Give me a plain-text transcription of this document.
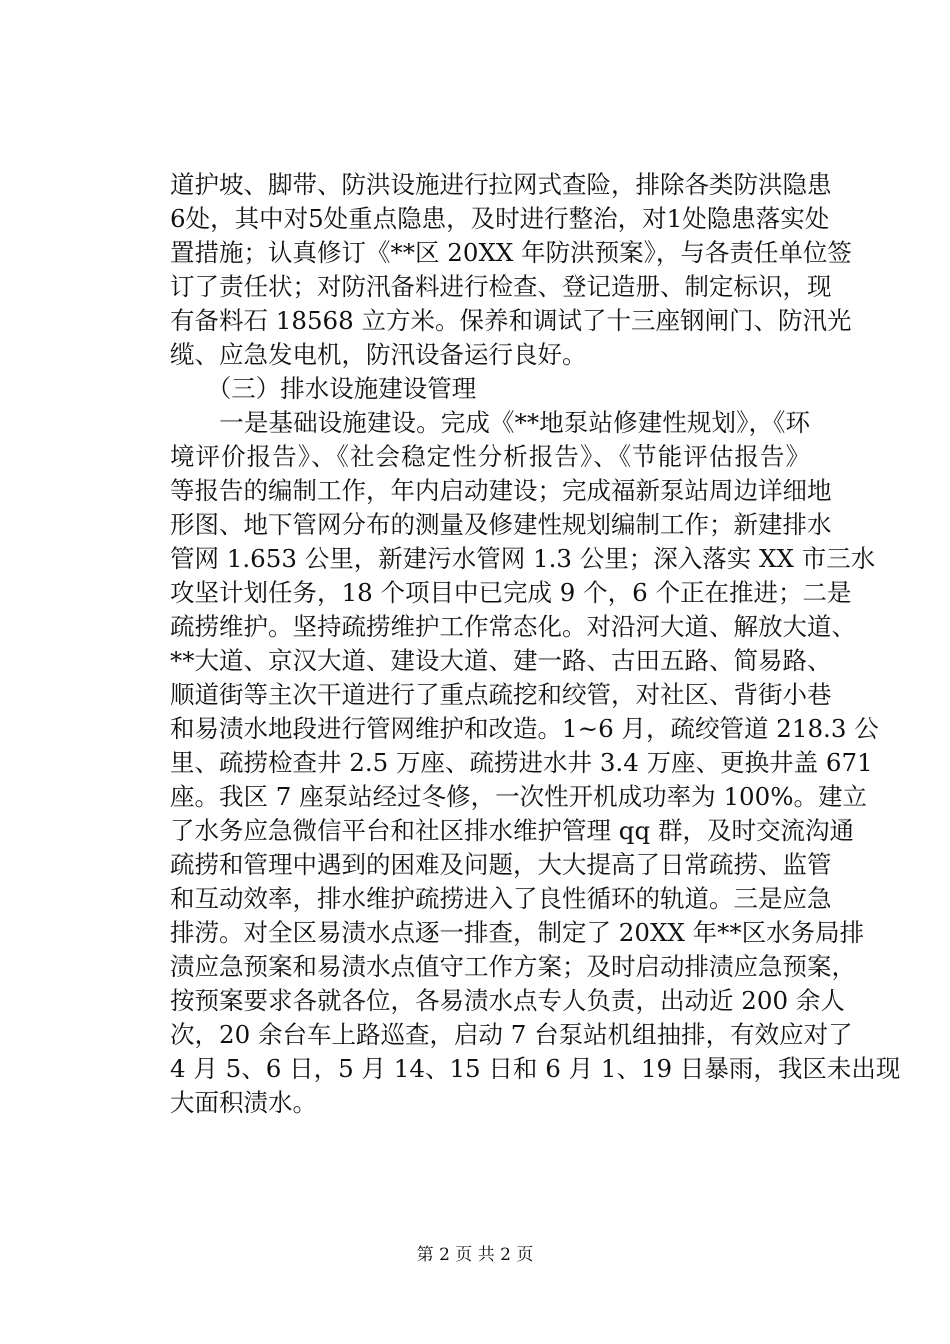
道护坡、脚带、防洪设施进行拉网式查险，排除各类防洪隐患
6处，其中对5处重点隐患，及时进行整治，对1处隐患落实处
置措施；认真修订《**区 20XX 年防洪预案》，与各责任单位签
订了责任状；对防汛备料进行检查、登记造册、制定标识，现
有备料石 18568 立方米。保养和调试了十三座钢闸门、防汛光
缆、应急发电机，防汛设备运行良好。
　　（三）排水设施建设管理
　　一是基础设施建设。完成《**地泵站修建性规划》，《环
境评价报告》、《社会稳定性分析报告》、《节能评估报告》
等报告的编制工作，年内启动建设；完成福新泵站周边详细地
形图、地下管网分布的测量及修建性规划编制工作；新建排水
管网 1.653 公里，新建污水管网 1.3 公里；深入落实 XX 市三水
攻坚计划任务，18 个项目中已完成 9 个，6 个正在推进；二是
疏捞维护。坚持疏捞维护工作常态化。对沿河大道、解放大道、
**大道、京汉大道、建设大道、建一路、古田五路、简易路、
顺道街等主次干道进行了重点疏挖和绞管，对社区、背街小巷
和易渍水地段进行管网维护和改造。1~6 月，疏绞管道 218.3 公
里、疏捞检查井 2.5 万座、疏捞进水井 3.4 万座、更换井盖 671
座。我区 7 座泵站经过冬修，一次性开机成功率为 100%。建立
了水务应急微信平台和社区排水维护管理 qq 群，及时交流沟通
疏捞和管理中遇到的困难及问题，大大提高了日常疏捞、监管
和互动效率，排水维护疏捞进入了良性循环的轨道。三是应急
排涝。对全区易渍水点逐一排查，制定了 20XX 年**区水务局排
渍应急预案和易渍水点值守工作方案；及时启动排渍应急预案，
按预案要求各就各位，各易渍水点专人负责，出动近 200 余人
次，20 余台车上路巡查，启动 7 台泵站机组抽排，有效应对了
4 月 5、6 日，5 月 14、15 日和 6 月 1、19 日暴雨，我区未出现
大面积渍水。
第 2 页 共 2 页
